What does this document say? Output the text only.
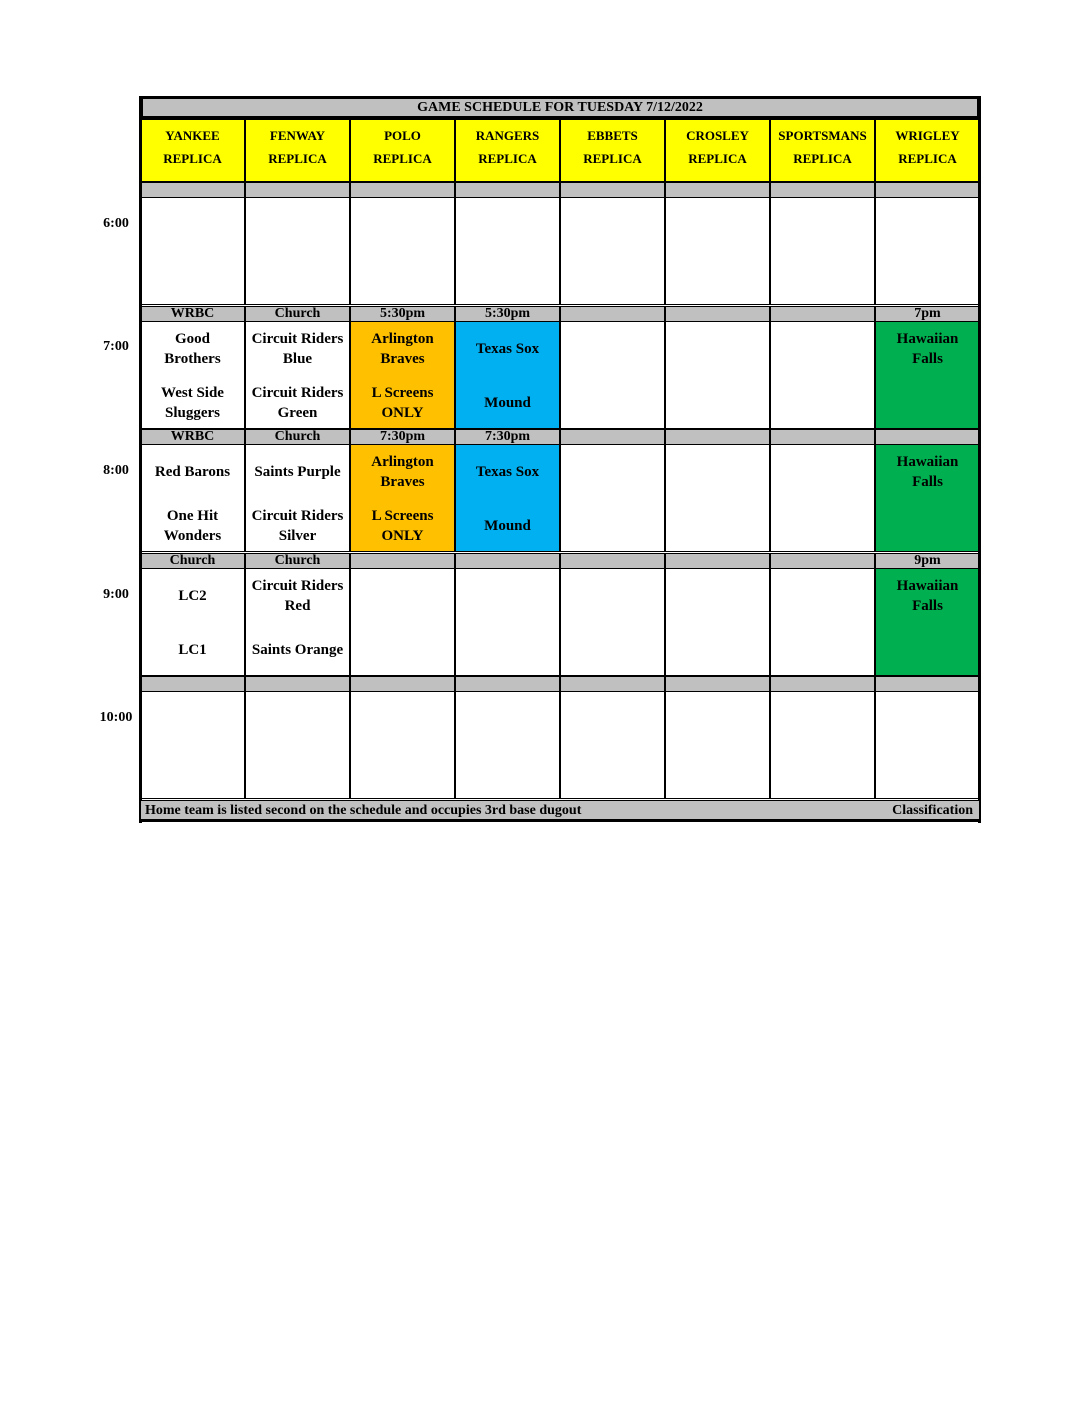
GAME SCHEDULE FOR TUESDAY 7/12/2022
YANKEE
REPLICA
FENWAY
REPLICA
POLO
REPLICA
RANGERS
REPLICA
EBBETS
REPLICA
CROSLEY
REPLICA
SPORTSMANS
REPLICA
WRIGLEY
REPLICA
6:00
7:00
8:00
9:00
10:00
WRBC
Good
Brothers
West Side
Sluggers
Church
Circuit Riders
Blue
Circuit Riders
Green
5:30pm
Arlington
Braves
L Screens
ONLY
5:30pm
Texas Sox
Mound
7pm
Hawaiian
Falls
WRBC
Red Barons
One Hit
Wonders
Church
Saints Purple
Circuit Riders
Silver
7:30pm
Arlington
Braves
L Screens
ONLY
7:30pm
Texas Sox
Mound
Hawaiian
Falls
Church
LC2
LC1
Church
Circuit Riders
Red
Saints Orange
9pm
Hawaiian
Falls
Home team is listed second on the schedule and occupies 3rd base dugout	Classification
